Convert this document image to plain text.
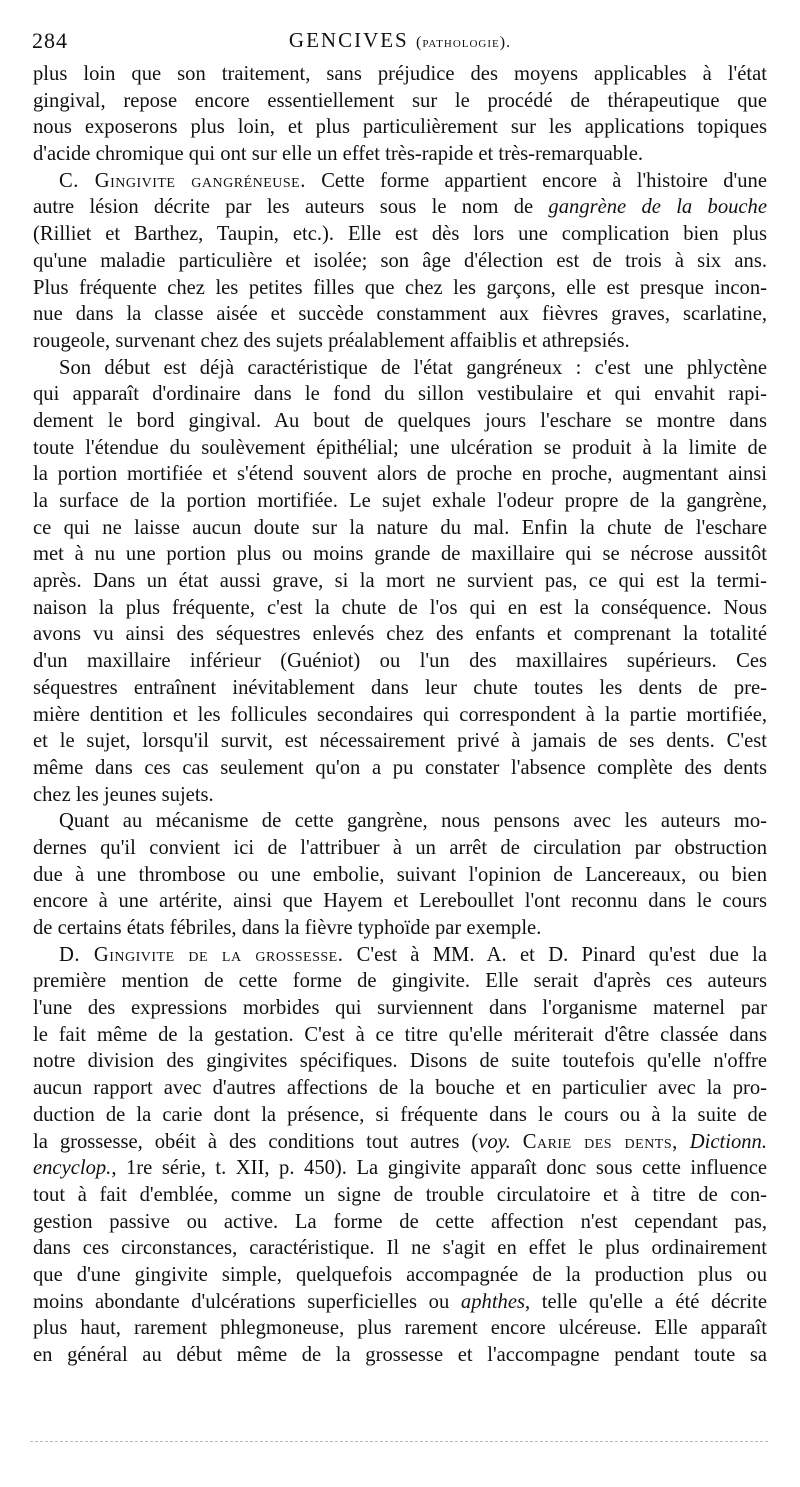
284	GENCIVES (pathologie).
plus loin que son traitement, sans préjudice des moyens applicables à l'état
gingival, repose encore essentiellement sur le procédé de thérapeutique que
nous exposerons plus loin, et plus particulièrement sur les applications topiques
d'acide chromique qui ont sur elle un effet très-rapide et très-remarquable.
C. Gingivite gangréneuse. Cette forme appartient encore à l'histoire d'une
autre lésion décrite par les auteurs sous le nom de gangrène de la bouche
(Rilliet et Barthez, Taupin, etc.). Elle est dès lors une complication bien plus
qu'une maladie particulière et isolée; son âge d'élection est de trois à six ans.
Plus fréquente chez les petites filles que chez les garçons, elle est presque incon-
nue dans la classe aisée et succède constamment aux fièvres graves, scarlatine,
rougeole, survenant chez des sujets préalablement affaiblis et athrepsiés.
Son début est déjà caractéristique de l'état gangréneux : c'est une phlyctène
qui apparaît d'ordinaire dans le fond du sillon vestibulaire et qui envahit rapi-
dement le bord gingival. Au bout de quelques jours l'eschare se montre dans
toute l'étendue du soulèvement épithélial; une ulcération se produit à la limite de
la portion mortifiée et s'étend souvent alors de proche en proche, augmentant ainsi
la surface de la portion mortifiée. Le sujet exhale l'odeur propre de la gangrène,
ce qui ne laisse aucun doute sur la nature du mal. Enfin la chute de l'eschare
met à nu une portion plus ou moins grande de maxillaire qui se nécrose aussitôt
après. Dans un état aussi grave, si la mort ne survient pas, ce qui est la termi-
naison la plus fréquente, c'est la chute de l'os qui en est la conséquence. Nous
avons vu ainsi des séquestres enlevés chez des enfants et comprenant la totalité
d'un maxillaire inférieur (Guéniot) ou l'un des maxillaires supérieurs. Ces
séquestres entraînent inévitablement dans leur chute toutes les dents de pre-
mière dentition et les follicules secondaires qui correspondent à la partie mortifiée,
et le sujet, lorsqu'il survit, est nécessairement privé à jamais de ses dents. C'est
même dans ces cas seulement qu'on a pu constater l'absence complète des dents
chez les jeunes sujets.
Quant au mécanisme de cette gangrène, nous pensons avec les auteurs mo-
dernes qu'il convient ici de l'attribuer à un arrêt de circulation par obstruction
due à une thrombose ou une embolie, suivant l'opinion de Lancereaux, ou bien
encore à une artérite, ainsi que Hayem et Lereboullet l'ont reconnu dans le cours
de certains états fébriles, dans la fièvre typhoïde par exemple.
D. Gingivite de la grossesse. C'est à MM. A. et D. Pinard qu'est due la
première mention de cette forme de gingivite. Elle serait d'après ces auteurs
l'une des expressions morbides qui surviennent dans l'organisme maternel par
le fait même de la gestation. C'est à ce titre qu'elle mériterait d'être classée dans
notre division des gingivites spécifiques. Disons de suite toutefois qu'elle n'offre
aucun rapport avec d'autres affections de la bouche et en particulier avec la pro-
duction de la carie dont la présence, si fréquente dans le cours ou à la suite de
la grossesse, obéit à des conditions tout autres (voy. Carie des dents, Dictionn.
encyclop., 1re série, t. XII, p. 450). La gingivite apparaît donc sous cette influence
tout à fait d'emblée, comme un signe de trouble circulatoire et à titre de con-
gestion passive ou active. La forme de cette affection n'est cependant pas,
dans ces circonstances, caractéristique. Il ne s'agit en effet le plus ordinairement
que d'une gingivite simple, quelquefois accompagnée de la production plus ou
moins abondante d'ulcérations superficielles ou aphthes, telle qu'elle a été décrite
plus haut, rarement phlegmoneuse, plus rarement encore ulcéreuse. Elle apparaît
en général au début même de la grossesse et l'accompagne pendant toute sa
